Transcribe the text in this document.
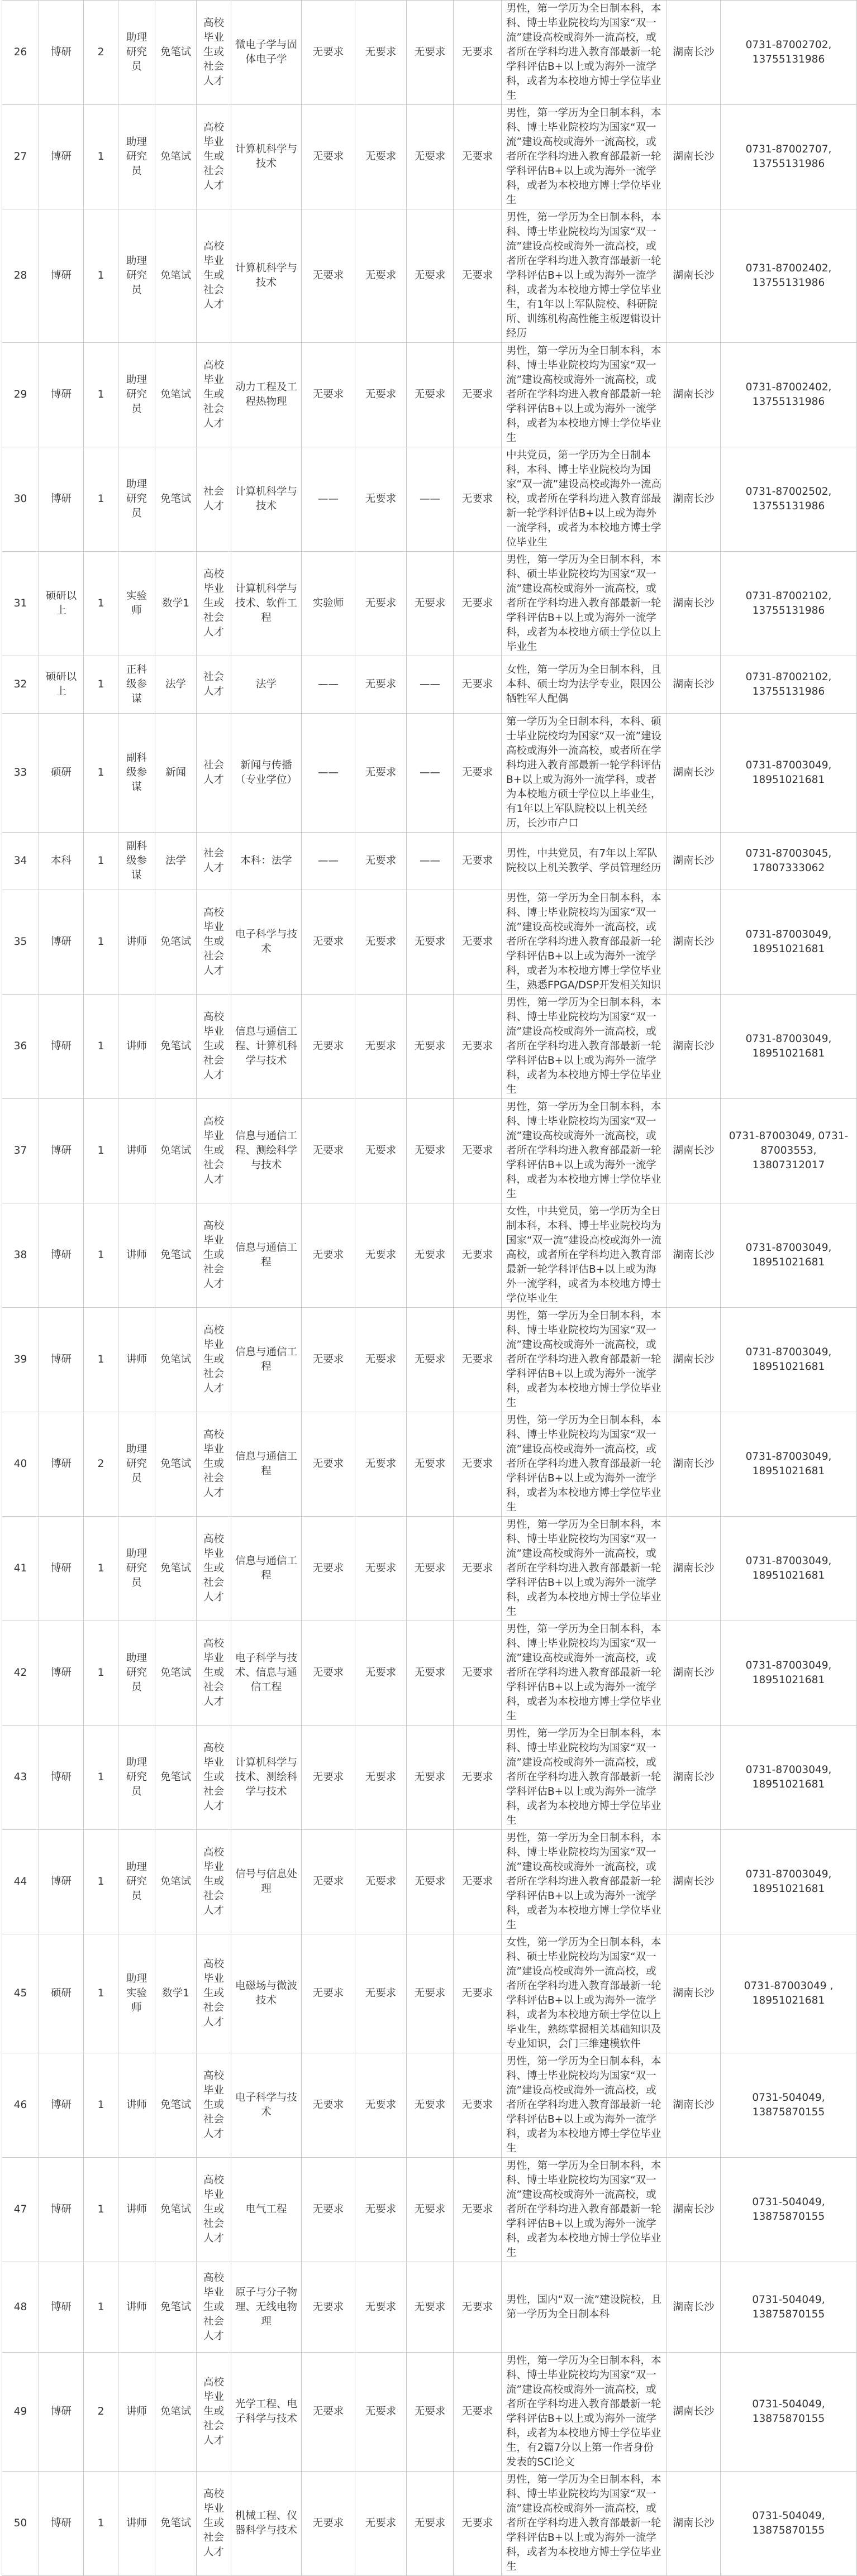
26	博研	2	助理研究员	免笔试	高校毕业生或社会人才	微电子学与固体电子学	无要求	无要求	无要求	无要求	男性，第一学历为全日制本科，本科、博士毕业院校均为国家“双一流”建设高校或海外一流高校，或者所在学科均进入教育部最新一轮学科评估B+以上或为海外一流学科，或者为本校地方博士学位毕业生	湖南长沙	0731-87002702, 13755131986
27	博研	1	助理研究员	免笔试	高校毕业生或社会人才	计算机科学与技术	无要求	无要求	无要求	无要求	男性，第一学历为全日制本科，本科、博士毕业院校均为国家“双一流”建设高校或海外一流高校，或者所在学科均进入教育部最新一轮学科评估B+以上或为海外一流学科，或者为本校地方博士学位毕业生	湖南长沙	0731-87002707, 13755131986
28	博研	1	助理研究员	免笔试	高校毕业生或社会人才	计算机科学与技术	无要求	无要求	无要求	无要求	男性，第一学历为全日制本科，本科、博士毕业院校均为国家“双一流”建设高校或海外一流高校，或者所在学科均进入教育部最新一轮学科评估B+以上或为海外一流学科，或者为本校地方博士学位毕业生，有1年以上军队院校、科研院所、训练机构高性能主板逻辑设计经历	湖南长沙	0731-87002402, 13755131986
29	博研	1	助理研究员	免笔试	高校毕业生或社会人才	动力工程及工程热物理	无要求	无要求	无要求	无要求	男性，第一学历为全日制本科，本科、博士毕业院校均为国家“双一流”建设高校或海外一流高校，或者所在学科均进入教育部最新一轮学科评估B+以上或为海外一流学科，或者为本校地方博士学位毕业生	湖南长沙	0731-87002402, 13755131986
30	博研	1	助理研究员	免笔试	社会人才	计算机科学与技术	——	无要求	——	无要求	中共党员，第一学历为全日制本科，本科、博士毕业院校均为国家“双一流”建设高校或海外一流高校，或者所在学科均进入教育部最新一轮学科评估B+以上或为海外一流学科，或者为本校地方博士学位毕业生	湖南长沙	0731-87002502, 13755131986
31	硕研以上	1	实验师	数学1	高校毕业生或社会人才	计算机科学与技术、软件工程	实验师	无要求	无要求	无要求	男性，第一学历为全日制本科，本科、硕士毕业院校均为国家“双一流”建设高校或海外一流高校，或者所在学科均进入教育部最新一轮学科评估B+以上或为海外一流学科，或者为本校地方硕士学位以上毕业生	湖南长沙	0731-87002102, 13755131986
32	硕研以上	1	正科级参谋	法学	社会人才	法学	——	无要求	——	无要求	女性，第一学历为全日制本科，且本科、硕士均为法学专业，限因公牺牲军人配偶	湖南长沙	0731-87002102, 13755131986
33	硕研	1	副科级参谋	新闻	社会人才	新闻与传播（专业学位）	——	无要求	——	无要求	第一学历为全日制本科，本科、硕士毕业院校均为国家“双一流”建设高校或海外一流高校，或者所在学科均进入教育部最新一轮学科评估B+以上或为海外一流学科，或者为本校地方硕士学位以上毕业生，有1年以上军队院校以上机关经历，长沙市户口	湖南长沙	0731-87003049, 18951021681
34	本科	1	副科级参谋	法学	社会人才	本科：法学	——	无要求	——	无要求	男性，中共党员，有7年以上军队院校以上机关教学、学员管理经历	湖南长沙	0731-87003045, 17807333062
35	博研	1	讲师	免笔试	高校毕业生或社会人才	电子科学与技术	无要求	无要求	无要求	无要求	男性，第一学历为全日制本科，本科、博士毕业院校均为国家“双一流”建设高校或海外一流高校，或者所在学科均进入教育部最新一轮学科评估B+以上或为海外一流学科，或者为本校地方博士学位毕业生，熟悉FPGA/DSP开发相关知识	湖南长沙	0731-87003049, 18951021681
36	博研	1	讲师	免笔试	高校毕业生或社会人才	信息与通信工程、计算机科学与技术	无要求	无要求	无要求	无要求	男性，第一学历为全日制本科，本科、博士毕业院校均为国家“双一流”建设高校或海外一流高校，或者所在学科均进入教育部最新一轮学科评估B+以上或为海外一流学科，或者为本校地方博士学位毕业生	湖南长沙	0731-87003049, 18951021681
37	博研	1	讲师	免笔试	高校毕业生或社会人才	信息与通信工程、测绘科学与技术	无要求	无要求	无要求	无要求	男性，第一学历为全日制本科，本科、博士毕业院校均为国家“双一流”建设高校或海外一流高校，或者所在学科均进入教育部最新一轮学科评估B+以上或为海外一流学科，或者为本校地方博士学位毕业生	湖南长沙	0731-87003049, 0731-87003553, 13807312017
38	博研	1	讲师	免笔试	高校毕业生或社会人才	信息与通信工程	无要求	无要求	无要求	无要求	女性，中共党员，第一学历为全日制本科，本科、博士毕业院校均为国家“双一流”建设高校或海外一流高校，或者所在学科均进入教育部最新一轮学科评估B+以上或为海外一流学科，或者为本校地方博士学位毕业生	湖南长沙	0731-87003049, 18951021681
39	博研	1	讲师	免笔试	高校毕业生或社会人才	信息与通信工程	无要求	无要求	无要求	无要求	男性，第一学历为全日制本科，本科、博士毕业院校均为国家“双一流”建设高校或海外一流高校，或者所在学科均进入教育部最新一轮学科评估B+以上或为海外一流学科，或者为本校地方博士学位毕业生	湖南长沙	0731-87003049, 18951021681
40	博研	2	助理研究员	免笔试	高校毕业生或社会人才	信息与通信工程	无要求	无要求	无要求	无要求	男性，第一学历为全日制本科，本科、博士毕业院校均为国家“双一流”建设高校或海外一流高校，或者所在学科均进入教育部最新一轮学科评估B+以上或为海外一流学科，或者为本校地方博士学位毕业生	湖南长沙	0731-87003049, 18951021681
41	博研	1	助理研究员	免笔试	高校毕业生或社会人才	信息与通信工程	无要求	无要求	无要求	无要求	男性，第一学历为全日制本科，本科、博士毕业院校均为国家“双一流”建设高校或海外一流高校，或者所在学科均进入教育部最新一轮学科评估B+以上或为海外一流学科，或者为本校地方博士学位毕业生	湖南长沙	0731-87003049, 18951021681
42	博研	1	助理研究员	免笔试	高校毕业生或社会人才	电子科学与技术、信息与通信工程	无要求	无要求	无要求	无要求	男性，第一学历为全日制本科，本科、博士毕业院校均为国家“双一流”建设高校或海外一流高校，或者所在学科均进入教育部最新一轮学科评估B+以上或为海外一流学科，或者为本校地方博士学位毕业生	湖南长沙	0731-87003049, 18951021681
43	博研	1	助理研究员	免笔试	高校毕业生或社会人才	计算机科学与技术、测绘科学与技术	无要求	无要求	无要求	无要求	男性，第一学历为全日制本科，本科、博士毕业院校均为国家“双一流”建设高校或海外一流高校，或者所在学科均进入教育部最新一轮学科评估B+以上或为海外一流学科，或者为本校地方博士学位毕业生	湖南长沙	0731-87003049, 18951021681
44	博研	1	助理研究员	免笔试	高校毕业生或社会人才	信号与信息处理	无要求	无要求	无要求	无要求	男性，第一学历为全日制本科，本科、博士毕业院校均为国家“双一流”建设高校或海外一流高校，或者所在学科均进入教育部最新一轮学科评估B+以上或为海外一流学科，或者为本校地方博士学位毕业生	湖南长沙	0731-87003049, 18951021681
45	硕研	1	助理实验师	数学1	高校毕业生或社会人才	电磁场与微波技术	无要求	无要求	无要求	无要求	女性，第一学历为全日制本科，本科、硕士毕业院校均为国家“双一流”建设高校或海外一流高校，或者所在学科均进入教育部最新一轮学科评估B+以上或为海外一流学科，或者为本校地方硕士学位以上毕业生，熟练掌握相关基础知识及专业知识，会门三维建模软件	湖南长沙	0731-87003049 , 18951021681
46	博研	1	讲师	免笔试	高校毕业生或社会人才	电子科学与技术	无要求	无要求	无要求	无要求	男性，第一学历为全日制本科，本科、博士毕业院校均为国家“双一流”建设高校或海外一流高校，或者所在学科均进入教育部最新一轮学科评估B+以上或为海外一流学科，或者为本校地方博士学位毕业生	湖南长沙	0731-504049, 13875870155
47	博研	1	讲师	免笔试	高校毕业生或社会人才	电气工程	无要求	无要求	无要求	无要求	男性，第一学历为全日制本科，本科、博士毕业院校均为国家“双一流”建设高校或海外一流高校，或者所在学科均进入教育部最新一轮学科评估B+以上或为海外一流学科，或者为本校地方博士学位毕业生	湖南长沙	0731-504049, 13875870155
48	博研	1	讲师	免笔试	高校毕业生或社会人才	原子与分子物理、无线电物理	无要求	无要求	无要求	无要求	男性，国内“双一流”建设院校，且第一学历为全日制本科	湖南长沙	0731-504049, 13875870155
49	博研	2	讲师	免笔试	高校毕业生或社会人才	光学工程、电子科学与技术	无要求	无要求	无要求	无要求	男性，第一学历为全日制本科，本科、博士毕业院校均为国家“双一流”建设高校或海外一流高校，或者所在学科均进入教育部最新一轮学科评估B+以上或为海外一流学科，或者为本校地方博士学位毕业生，有2篇7分以上第一作者身份发表的SCI论文	湖南长沙	0731-504049, 13875870155
50	博研	1	讲师	免笔试	高校毕业生或社会人才	机械工程、仪器科学与技术	无要求	无要求	无要求	无要求	男性，第一学历为全日制本科，本科、博士毕业院校均为国家“双一流”建设高校或海外一流高校，或者所在学科均进入教育部最新一轮学科评估B+以上或为海外一流学科，或者为本校地方博士学位毕业生	湖南长沙	0731-504049, 13875870155
